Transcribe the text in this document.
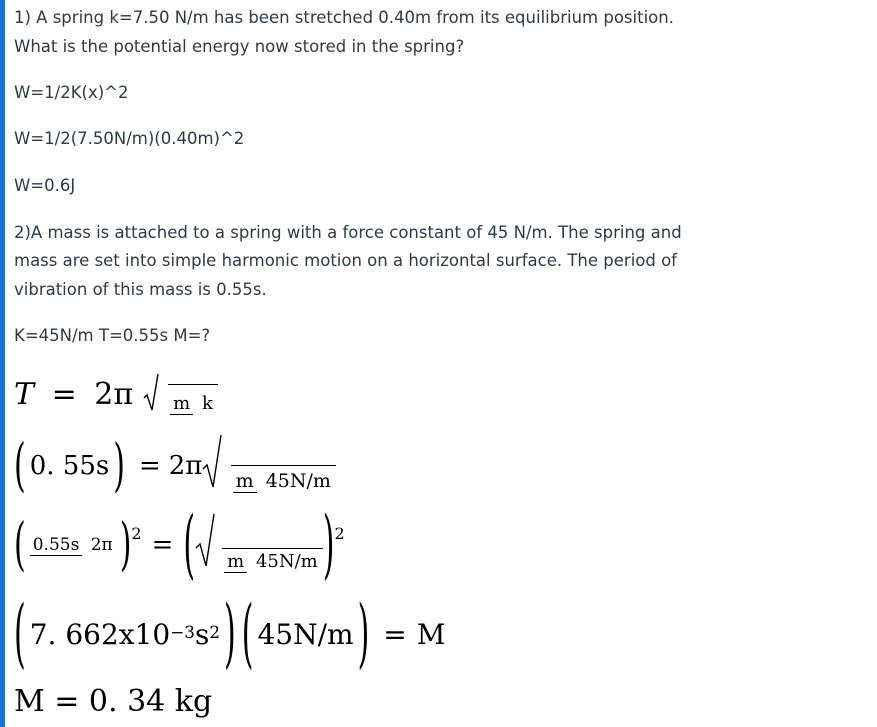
1) A spring k=7.50 N/m has been stretched 0.40m from its equilibrium position.
What is the potential energy now stored in the spring?
W=1/2K(x)^2
W=1/2(7.50N/m)(0.40m)^2
W=0.6J
2)A mass is attached to a spring with a force constant of 45 N/m. The spring and
mass are set into simple harmonic motion on a horizontal surface. The period of
vibration of this mass is 0.55s.
K=45N/m T=0.55s M=?
T = 2π m k
( 0. 55s ) = 2π	m 45N/m
( 0.55s 2π ) 2 = (	m 45N/m ) 2
( 7. $662x10^{-3}$ $s^2$ ) ( 45N/m ) = M
M = 0. 34 kg
